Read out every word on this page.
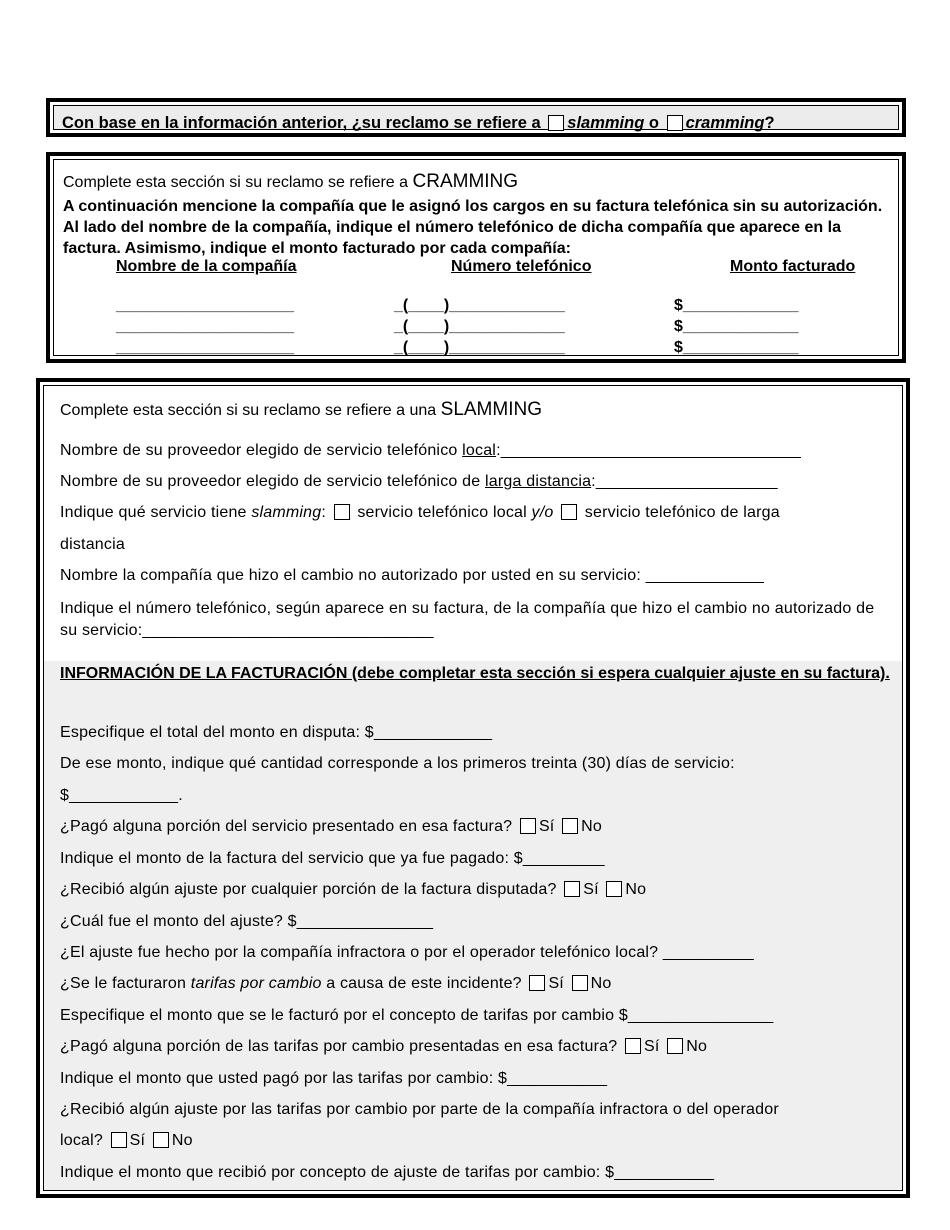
Con base en la información anterior, ¿su reclamo se refiere a slamming o cramming?
Complete esta sección si su reclamo se refiere a CRAMMING
A continuación mencione la compañía que le asignó los cargos en su factura telefónica sin su autorización. Al lado del nombre de la compañía, indique el número telefónico de dicha compañía que aparece en la factura. Asimismo, indique el monto facturado por cada compañía:
Nombre de la compañía	Número telefónico	Monto facturado
____________________	_(____)_____________	$_____________
____________________	_(____)_____________	$_____________
____________________	_(____)_____________	$_____________
Complete esta sección si su reclamo se refiere a una SLAMMING
Nombre de su proveedor elegido de servicio telefónico local:_________________________________
Nombre de su proveedor elegido de servicio telefónico de larga distancia:____________________
Indique qué servicio tiene slamming: servicio telefónico local y/o servicio telefónico de larga
distancia
Nombre la compañía que hizo el cambio no autorizado por usted en su servicio: _____________
Indique el número telefónico, según aparece en su factura, de la compañía que hizo el cambio no autorizado de su servicio:________________________________
INFORMACIÓN DE LA FACTURACIÓN (debe completar esta sección si espera cualquier ajuste en su factura).
Especifique el total del monto en disputa: $_____________
De ese monto, indique qué cantidad corresponde a los primeros treinta (30) días de servicio:
$____________.
¿Pagó alguna porción del servicio presentado en esa factura? Sí No
Indique el monto de la factura del servicio que ya fue pagado: $_________
¿Recibió algún ajuste por cualquier porción de la factura disputada? Sí No
¿Cuál fue el monto del ajuste? $_______________
¿El ajuste fue hecho por la compañía infractora o por el operador telefónico local? __________
¿Se le facturaron tarifas por cambio a causa de este incidente? Sí No
Especifique el monto que se le facturó por el concepto de tarifas por cambio $________________
¿Pagó alguna porción de las tarifas por cambio presentadas en esa factura? Sí No
Indique el monto que usted pagó por las tarifas por cambio: $___________
¿Recibió algún ajuste por las tarifas por cambio por parte de la compañía infractora o del operador
local? Sí No
Indique el monto que recibió por concepto de ajuste de tarifas por cambio: $___________
